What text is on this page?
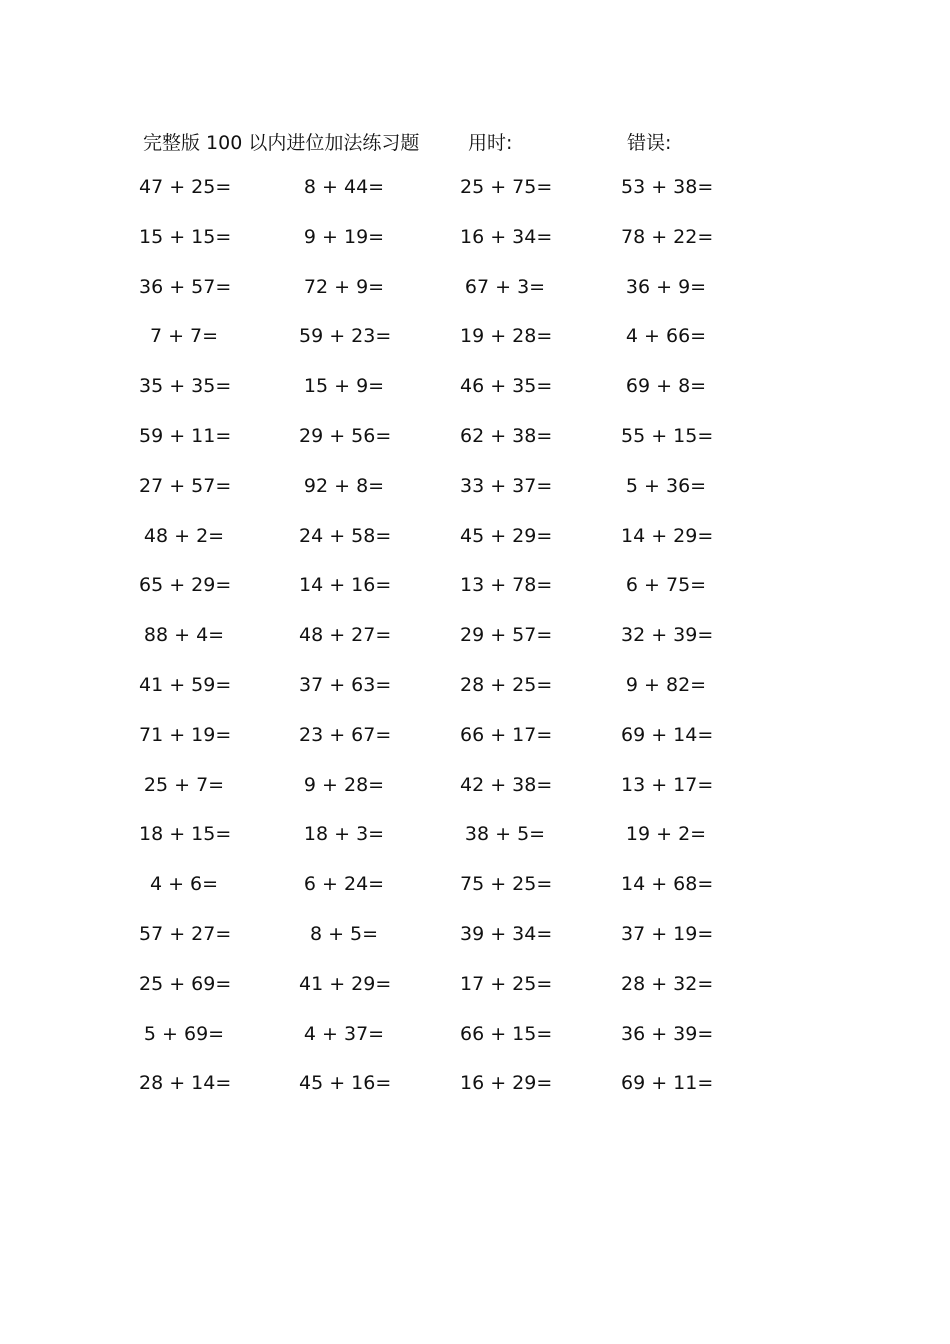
完整版 100 以内进位加法练习题	用时:	错误:
47 + 25=	8 + 44=	25 + 75=	53 + 38=
15 + 15=	9 + 19=	16 + 34=	78 + 22=
36 + 57=	72 + 9=	67 + 3=	36 + 9=
7 + 7=	59 + 23=	19 + 28=	4 + 66=
35 + 35=	15 + 9=	46 + 35=	69 + 8=
59 + 11=	29 + 56=	62 + 38=	55 + 15=
27 + 57=	92 + 8=	33 + 37=	5 + 36=
48 + 2=	24 + 58=	45 + 29=	14 + 29=
65 + 29=	14 + 16=	13 + 78=	6 + 75=
88 + 4=	48 + 27=	29 + 57=	32 + 39=
41 + 59=	37 + 63=	28 + 25=	9 + 82=
71 + 19=	23 + 67=	66 + 17=	69 + 14=
25 + 7=	9 + 28=	42 + 38=	13 + 17=
18 + 15=	18 + 3=	38 + 5=	19 + 2=
4 + 6=	6 + 24=	75 + 25=	14 + 68=
57 + 27=	8 + 5=	39 + 34=	37 + 19=
25 + 69=	41 + 29=	17 + 25=	28 + 32=
5 + 69=	4 + 37=	66 + 15=	36 + 39=
28 + 14=	45 + 16=	16 + 29=	69 + 11=
